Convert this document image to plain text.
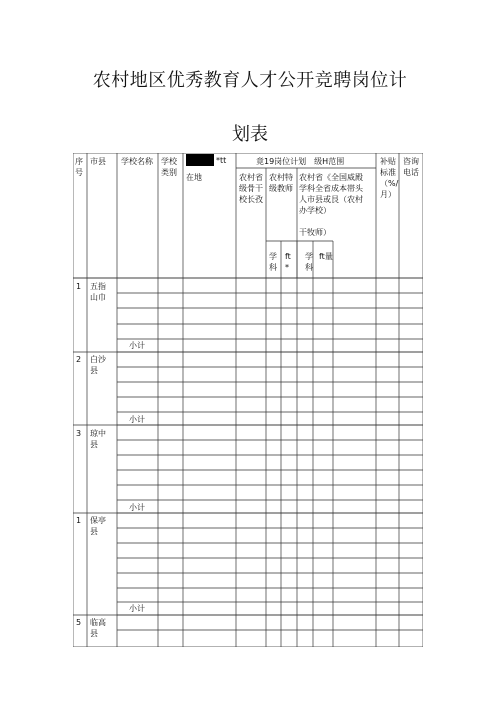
农村地区优秀教育人才公开竞聘岗位计
划表
序
号
市县 学校名称 学校
类别
在地
*tt	竟19岗位计划　级H范围	补贴
标准
（%/
月）
咨询
电话
农村省
级骨干
校长孜
农村特
级教师
农村省《全国威殿
学科全省成本帯头
人市县或艮（农村
办学校）

干牧师）
学
科
ft
*
学
科
ft量
1 五指
山巾
小计
2 白沙
县
小计
3 琼中
县
小计
1 保亭
县
小计
5 临高
县
